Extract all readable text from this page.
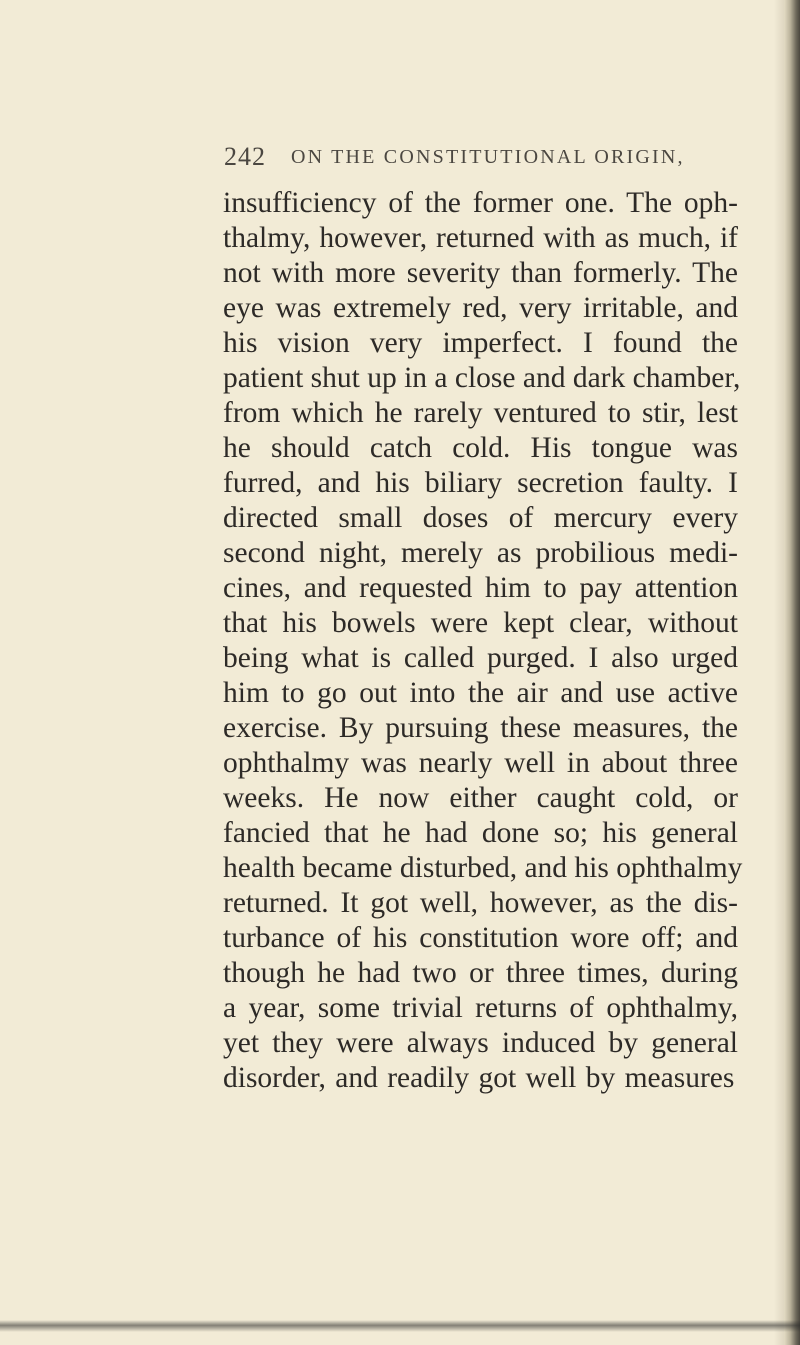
242 ON THE CONSTITUTIONAL ORIGIN,
insufficiency of the former one. The oph-
thalmy, however, returned with as much, if
not with more severity than formerly. The
eye was extremely red, very irritable, and
his vision very imperfect. I found the
patient shut up in a close and dark chamber,
from which he rarely ventured to stir, lest
he should catch cold. His tongue was
furred, and his biliary secretion faulty. I
directed small doses of mercury every
second night, merely as probilious medi-
cines, and requested him to pay attention
that his bowels were kept clear, without
being what is called purged. I also urged
him to go out into the air and use active
exercise. By pursuing these measures, the
ophthalmy was nearly well in about three
weeks. He now either caught cold, or
fancied that he had done so; his general
health became disturbed, and his ophthalmy
returned. It got well, however, as the dis-
turbance of his constitution wore off; and
though he had two or three times, during
a year, some trivial returns of ophthalmy,
yet they were always induced by general
disorder, and readily got well by measures
